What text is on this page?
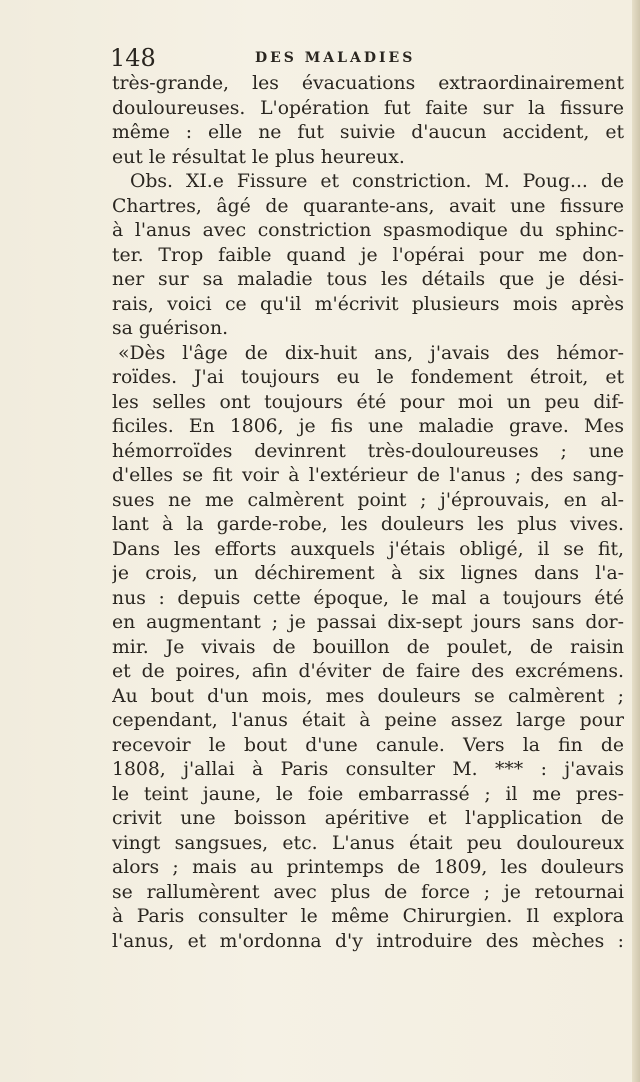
148	DES MALADIES
très-grande, les évacuations extraordinairement
douloureuses. L'opération fut faite sur la fissure
même : elle ne fut suivie d'aucun accident, et
eut le résultat le plus heureux.
Obs. XI.e Fissure et constriction. M. Poug... de
Chartres, âgé de quarante-ans, avait une fissure
à l'anus avec constriction spasmodique du sphinc-
ter. Trop faible quand je l'opérai pour me don-
ner sur sa maladie tous les détails que je dési-
rais, voici ce qu'il m'écrivit plusieurs mois après
sa guérison.
«Dès l'âge de dix-huit ans, j'avais des hémor-
roïdes. J'ai toujours eu le fondement étroit, et
les selles ont toujours été pour moi un peu dif-
ficiles. En 1806, je fis une maladie grave. Mes
hémorroïdes devinrent très-douloureuses ; une
d'elles se fit voir à l'extérieur de l'anus ; des sang-
sues ne me calmèrent point ; j'éprouvais, en al-
lant à la garde-robe, les douleurs les plus vives.
Dans les efforts auxquels j'étais obligé, il se fit,
je crois, un déchirement à six lignes dans l'a-
nus : depuis cette époque, le mal a toujours été
en augmentant ; je passai dix-sept jours sans dor-
mir. Je vivais de bouillon de poulet, de raisin
et de poires, afin d'éviter de faire des excrémens.
Au bout d'un mois, mes douleurs se calmèrent ;
cependant, l'anus était à peine assez large pour
recevoir le bout d'une canule. Vers la fin de
1808, j'allai à Paris consulter M. *** : j'avais
le teint jaune, le foie embarrassé ; il me pres-
crivit une boisson apéritive et l'application de
vingt sangsues, etc. L'anus était peu douloureux
alors ; mais au printemps de 1809, les douleurs
se rallumèrent avec plus de force ; je retournai
à Paris consulter le même Chirurgien. Il explora
l'anus, et m'ordonna d'y introduire des mèches :
